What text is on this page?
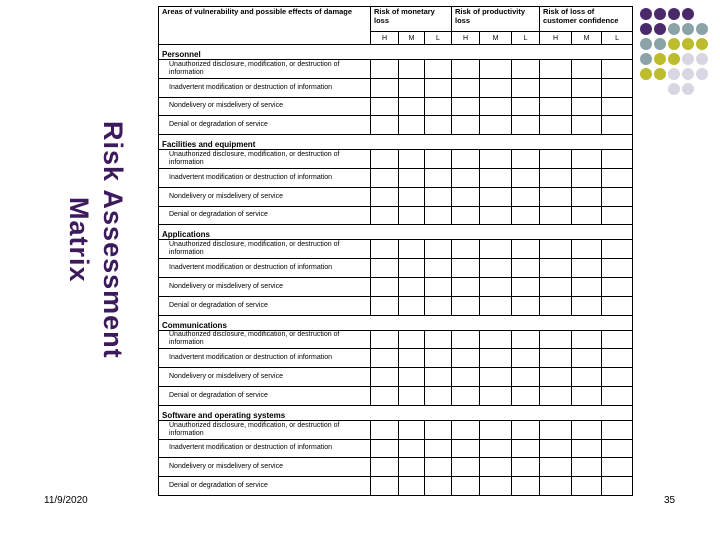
Risk Assessment
Matrix
Areas of vulnerability and possible effects of damage	Risk of monetary loss			Risk of productivity loss			Risk of loss of customer confidence		
	H	M	L	H	M	L	H	M	L
Personnel									
Unauthorized disclosure, modification, or destruction of information									
Inadvertent modification or destruction of information									
Nondelivery or misdelivery of service									
Denial or degradation of service									
Facilities and equipment									
Unauthorized disclosure, modification, or destruction of information									
Inadvertent modification or destruction of information									
Nondelivery or misdelivery of service									
Denial or degradation of service									
Applications									
Unauthorized disclosure, modification, or destruction of information									
Inadvertent modification or destruction of information									
Nondelivery or misdelivery of service									
Denial or degradation of service									
Communications									
Unauthorized disclosure, modification, or destruction of information									
Inadvertent modification or destruction of information									
Nondelivery or misdelivery of service									
Denial or degradation of service									
Software and operating systems									
Unauthorized disclosure, modification, or destruction of information									
Inadvertent modification or destruction of information									
Nondelivery or misdelivery of service									
Denial or degradation of service									
11/9/2020	35
